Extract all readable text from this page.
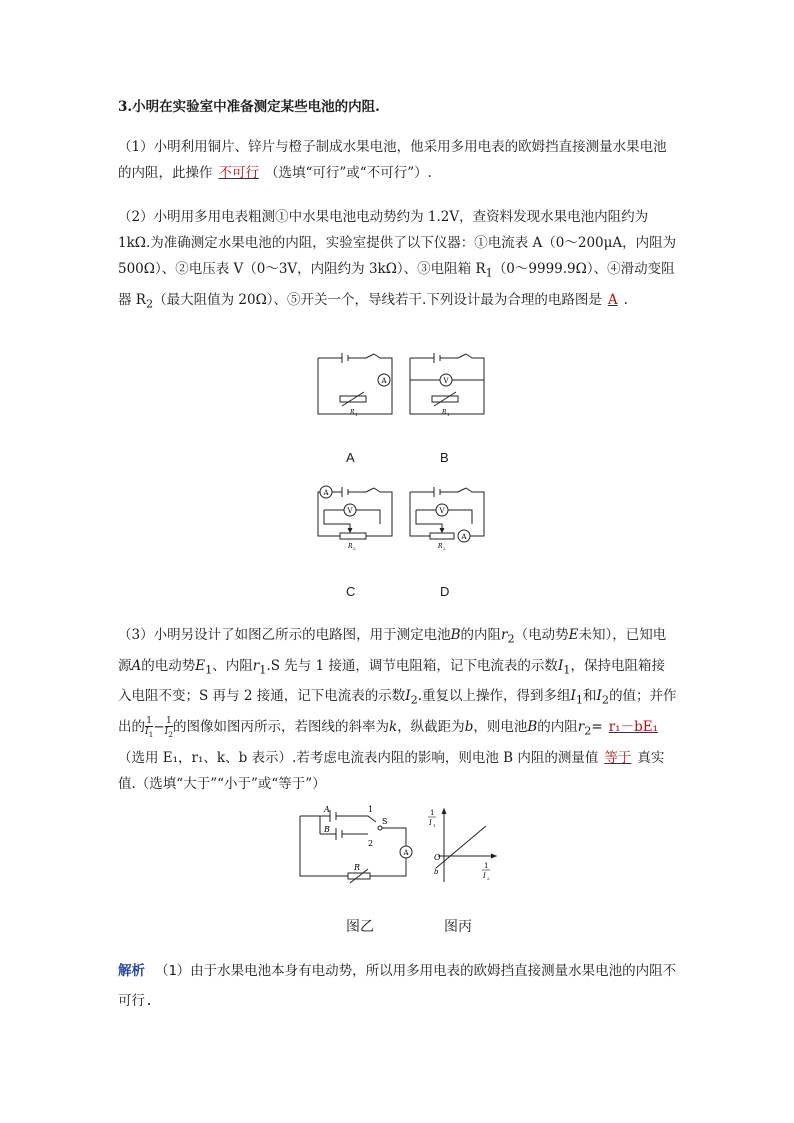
3.小明在实验室中准备测定某些电池的内阻.

（1）小明利用铜片、锌片与橙子制成水果电池，他采用多用电表的欧姆挡直接测量水果电池的内阻，此操作 不可行 （选填“可行”或“不可行”）.

（2）小明用多用电表粗测①中水果电池电动势约为 1.2V，查资料发现水果电池内阻约为 1kΩ.为准确测定水果电池的内阻，实验室提供了以下仪器：①电流表 A（0～200μA，内阻为 500Ω）、②电压表 V（0～3V，内阻约为 3kΩ）、③电阻箱 $R_1(0\sim 9999.9\Omega)$、④滑动变阻器 $R_2$（最大阻值为 20Ω）、⑤开关一个，导线若干.下列设计最为合理的电路图是 A .

A
R 1
V
R 1
A	B
A
V
R 2
V
A
R 2
C	D

（3）小明另设计了如图乙所示的电路图，用于测定电池B的内阻$r_2$（电动势E未知），已知电源A的电动势$E_1$、内阻$r_1.S$ 先与 1 接通，调节电阻箱，记下电流表的示数$I_1$，保持电阻箱接入电阻不变；S 再与 2 接通，记下电流表的示数$I_2$.重复以上操作，得到多组$I_1$和$I_2$的值；并作出的 $\frac{1}{I_1} - \frac{1}{I_2}$ 的图像如图丙所示，若图线的斜率为k，纵截距为b，则电池B的内阻$r_2= r_1-bE_1$（选用 E₁，r₁、k、b 表示）.若考虑电流表内阻的影响，则电池 B 内阻的测量值 等于 真实值.（选填“大于”“小于”或“等于”）

A
A
B
1
S
2
R
1
I 1
O
b
1
I 2
图乙	图丙
解析 （1）由于水果电池本身有电动势，所以用多用电表的欧姆挡直接测量水果电池的内阻不可行.
